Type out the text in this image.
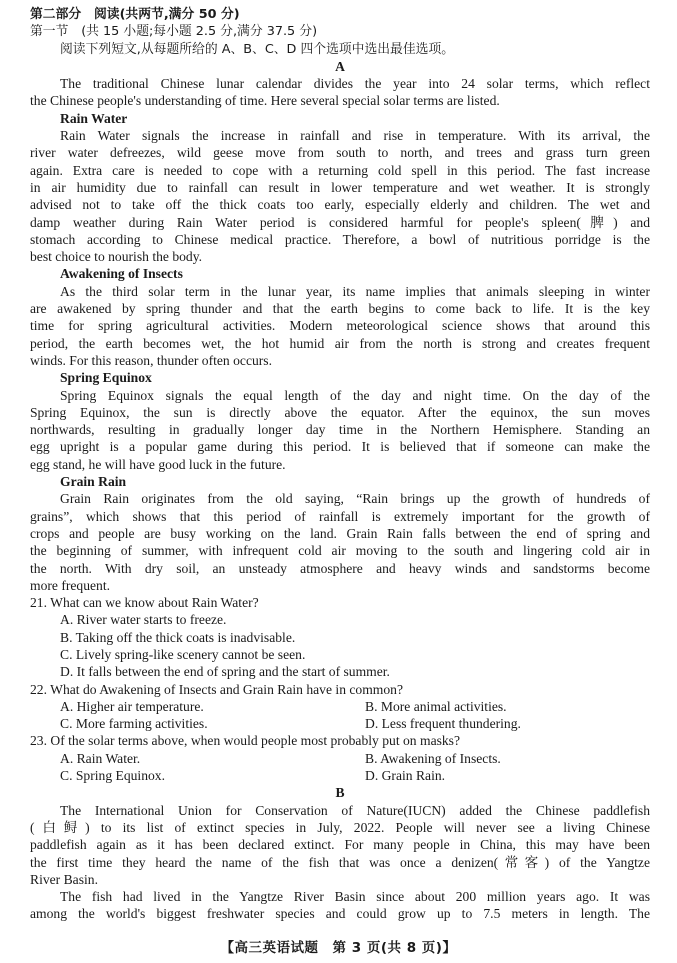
第二部分　阅读(共两节,满分 50 分)
第一节　(共 15 小题;每小题 2.5 分,满分 37.5 分)
阅读下列短文,从每题所给的 A、B、C、D 四个选项中选出最佳选项。
A
The traditional Chinese lunar calendar divides the year into 24 solar terms, which reflect
the Chinese people's understanding of time. Here several special solar terms are listed.
Rain Water
Rain Water signals the increase in rainfall and rise in temperature. With its arrival, the
river water defreezes, wild geese move from south to north, and trees and grass turn green
again. Extra care is needed to cope with a returning cold spell in this period. The fast increase
in air humidity due to rainfall can result in lower temperature and wet weather. It is strongly
advised not to take off the thick coats too early, especially elderly and children. The wet and
damp weather during Rain Water period is considered harmful for people's spleen(脾) and
stomach according to Chinese medical practice. Therefore, a bowl of nutritious porridge is the
best choice to nourish the body.
Awakening of Insects
As the third solar term in the lunar year, its name implies that animals sleeping in winter
are awakened by spring thunder and that the earth begins to come back to life. It is the key
time for spring agricultural activities. Modern meteorological science shows that around this
period, the earth becomes wet, the hot humid air from the north is strong and creates frequent
winds. For this reason, thunder often occurs.
Spring Equinox
Spring Equinox signals the equal length of the day and night time. On the day of the
Spring Equinox, the sun is directly above the equator. After the equinox, the sun moves
northwards, resulting in gradually longer day time in the Northern Hemisphere. Standing an
egg upright is a popular game during this period. It is believed that if someone can make the
egg stand, he will have good luck in the future.
Grain Rain
Grain Rain originates from the old saying, “Rain brings up the growth of hundreds of
grains”, which shows that this period of rainfall is extremely important for the growth of
crops and people are busy working on the land. Grain Rain falls between the end of spring and
the beginning of summer, with infrequent cold air moving to the south and lingering cold air in
the north. With dry soil, an unsteady atmosphere and heavy winds and sandstorms become
more frequent.
21. What can we know about Rain Water?
A. River water starts to freeze.
B. Taking off the thick coats is inadvisable.
C. Lively spring-like scenery cannot be seen.
D. It falls between the end of spring and the start of summer.
22. What do Awakening of Insects and Grain Rain have in common?
A. Higher air temperature.	B. More animal activities.
C. More farming activities.	D. Less frequent thundering.
23. Of the solar terms above, when would people most probably put on masks?
A. Rain Water.	B. Awakening of Insects.
C. Spring Equinox.	D. Grain Rain.
B
The International Union for Conservation of Nature(IUCN) added the Chinese paddlefish
(白鲟) to its list of extinct species in July, 2022. People will never see a living Chinese
paddlefish again as it has been declared extinct. For many people in China, this may have been
the first time they heard the name of the fish that was once a denizen(常客) of the Yangtze
River Basin.
The fish had lived in the Yangtze River Basin since about 200 million years ago. It was
among the world's biggest freshwater species and could grow up to 7.5 meters in length. The
【高三英语试题　第 3 页(共 8 页)】
